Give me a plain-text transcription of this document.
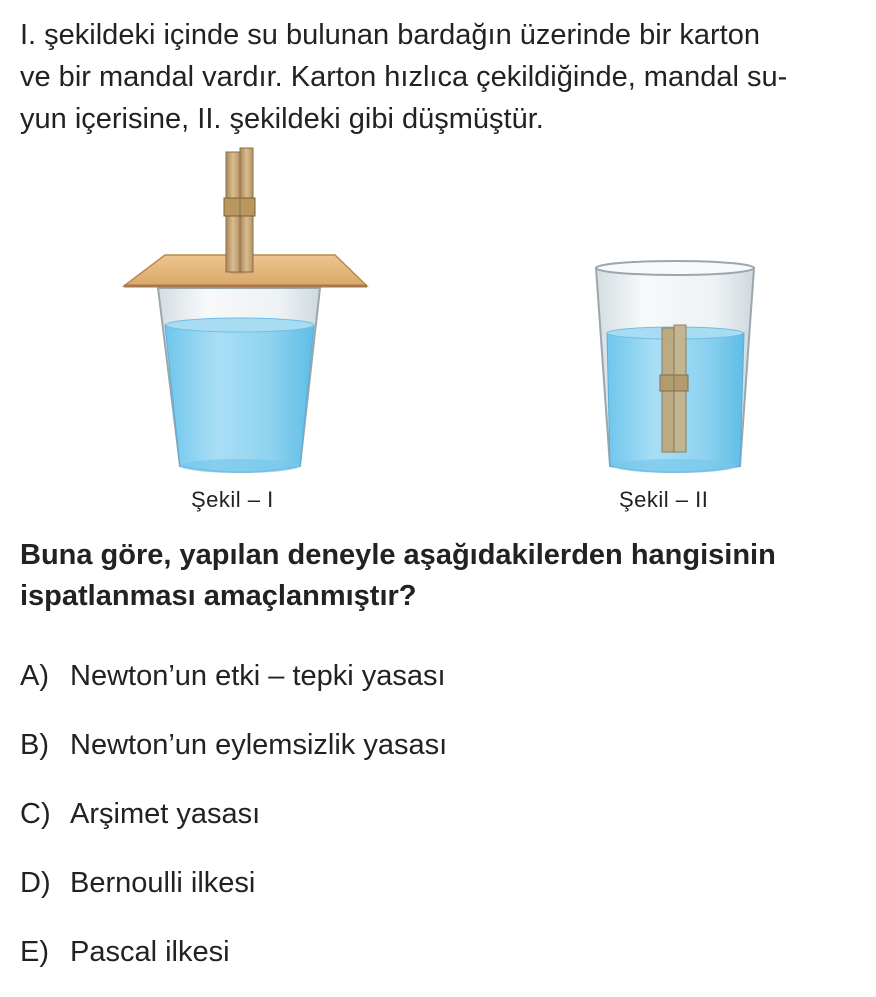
I. şekildeki içinde su bulunan bardağın üzerinde bir karton
ve bir mandal vardır. Karton hızlıca çekildiğinde, mandal su-
yun içerisine, II. şekildeki gibi düşmüştür.

Şekil – I	Şekil – II

Buna göre, yapılan deneyle aşağıdakilerden hangisinin
ispatlanması amaçlanmıştır?

A) Newton’un etki – tepki yasası
B) Newton’un eylemsizlik yasası
C) Arşimet yasası
D) Bernoulli ilkesi
E) Pascal ilkesi
